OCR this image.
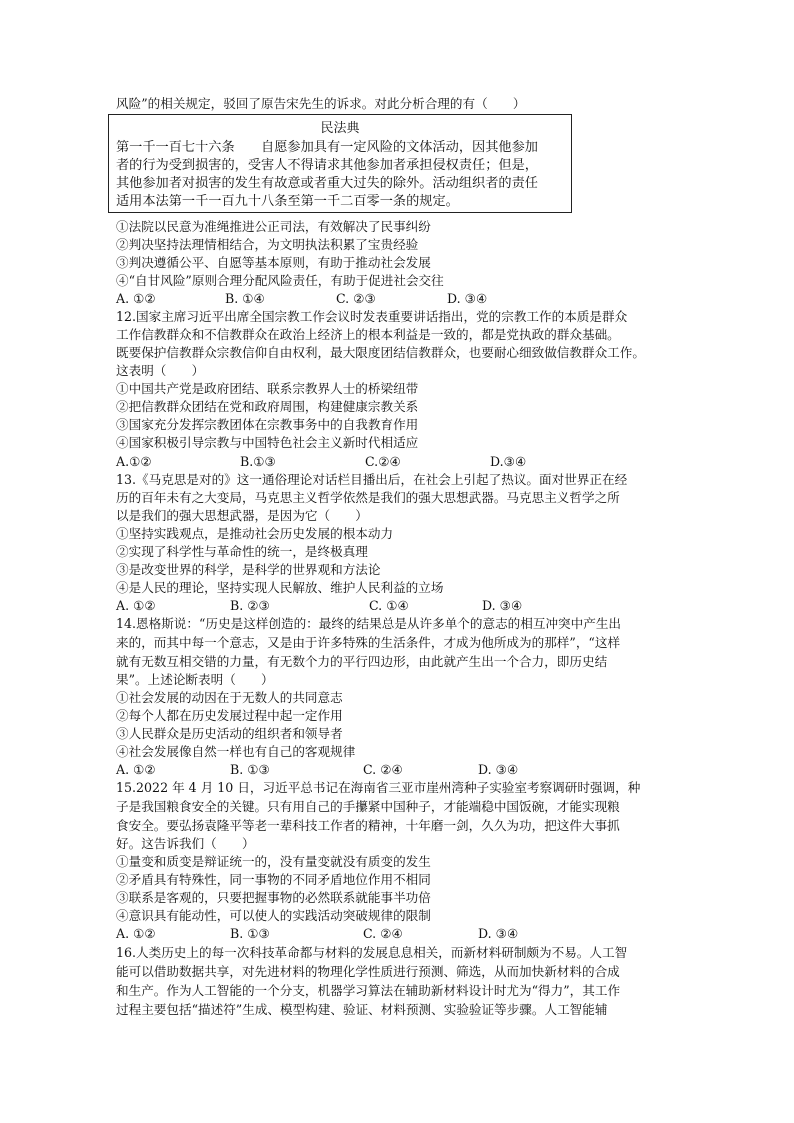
风险”的相关规定，驳回了原告宋先生的诉求。对此分析合理的有（　　）
民法典
第一千一百七十六条　　自愿参加具有一定风险的文体活动，因其他参加
者的行为受到损害的，受害人不得请求其他参加者承担侵权责任；但是，
其他参加者对损害的发生有故意或者重大过失的除外。活动组织者的责任
适用本法第一千一百九十八条至第一千二百零一条的规定。
①法院以民意为准绳推进公正司法，有效解决了民事纠纷
②判决坚持法理情相结合，为文明执法积累了宝贵经验
③判决遵循公平、自愿等基本原则，有助于推动社会发展
④“自甘风险”原则合理分配风险责任，有助于促进社会交往
A. ①②	B. ①④	C. ②③	D. ③④
12.国家主席习近平出席全国宗教工作会议时发表重要讲话指出，党的宗教工作的本质是群众
工作信教群众和不信教群众在政治上经济上的根本利益是一致的，都是党执政的群众基础。
既要保护信教群众宗教信仰自由权利，最大限度团结信教群众，也要耐心细致做信教群众工作。
这表明（　　）
①中国共产党是政府团结、联系宗教界人士的桥梁纽带
②把信教群众团结在党和政府周围，构建健康宗教关系
③国家充分发挥宗教团体在宗教事务中的自我教育作用
④国家积极引导宗教与中国特色社会主义新时代相适应
A.①②	B.①③	C.②④	D.③④
13.《马克思是对的》这一通俗理论对话栏目播出后，在社会上引起了热议。面对世界正在经
历的百年未有之大变局，马克思主义哲学依然是我们的强大思想武器。马克思主义哲学之所
以是我们的强大思想武器，是因为它（　　）
①坚持实践观点，是推动社会历史发展的根本动力
②实现了科学性与革命性的统一，是终极真理
③是改变世界的科学，是科学的世界观和方法论
④是人民的理论，坚持实现人民解放、维护人民利益的立场
A. ①②	B. ②③	C. ①④	D. ③④
14.恩格斯说：“历史是这样创造的：最终的结果总是从许多单个的意志的相互冲突中产生出
来的，而其中每一个意志，又是由于许多特殊的生活条件，才成为他所成为的那样”，“这样
就有无数互相交错的力量，有无数个力的平行四边形，由此就产生出一个合力，即历史结
果”。上述论断表明（　　）
①社会发展的动因在于无数人的共同意志
②每个人都在历史发展过程中起一定作用
③人民群众是历史活动的组织者和领导者
④社会发展像自然一样也有自己的客观规律
A. ①②	B. ①③	C. ②④	D. ③④
15.2022 年 4 月 10 日，习近平总书记在海南省三亚市崖州湾种子实验室考察调研时强调，种
子是我国粮食安全的关键。只有用自己的手攥紧中国种子，才能端稳中国饭碗，才能实现粮
食安全。要弘扬袁隆平等老一辈科技工作者的精神，十年磨一剑，久久为功，把这件大事抓
好。这告诉我们（　　）
①量变和质变是辩证统一的，没有量变就没有质变的发生
②矛盾具有特殊性，同一事物的不同矛盾地位作用不相同
③联系是客观的，只要把握事物的必然联系就能事半功倍
④意识具有能动性，可以使人的实践活动突破规律的限制
A. ①②	B. ①③	C. ②④	D. ③④
16.人类历史上的每一次科技革命都与材料的发展息息相关，而新材料研制颇为不易。人工智
能可以借助数据共享，对先进材料的物理化学性质进行预测、筛选，从而加快新材料的合成
和生产。作为人工智能的一个分支，机器学习算法在辅助新材料设计时尤为“得力”，其工作
过程主要包括“描述符”生成、模型构建、验证、材料预测、实验验证等步骤。人工智能辅
